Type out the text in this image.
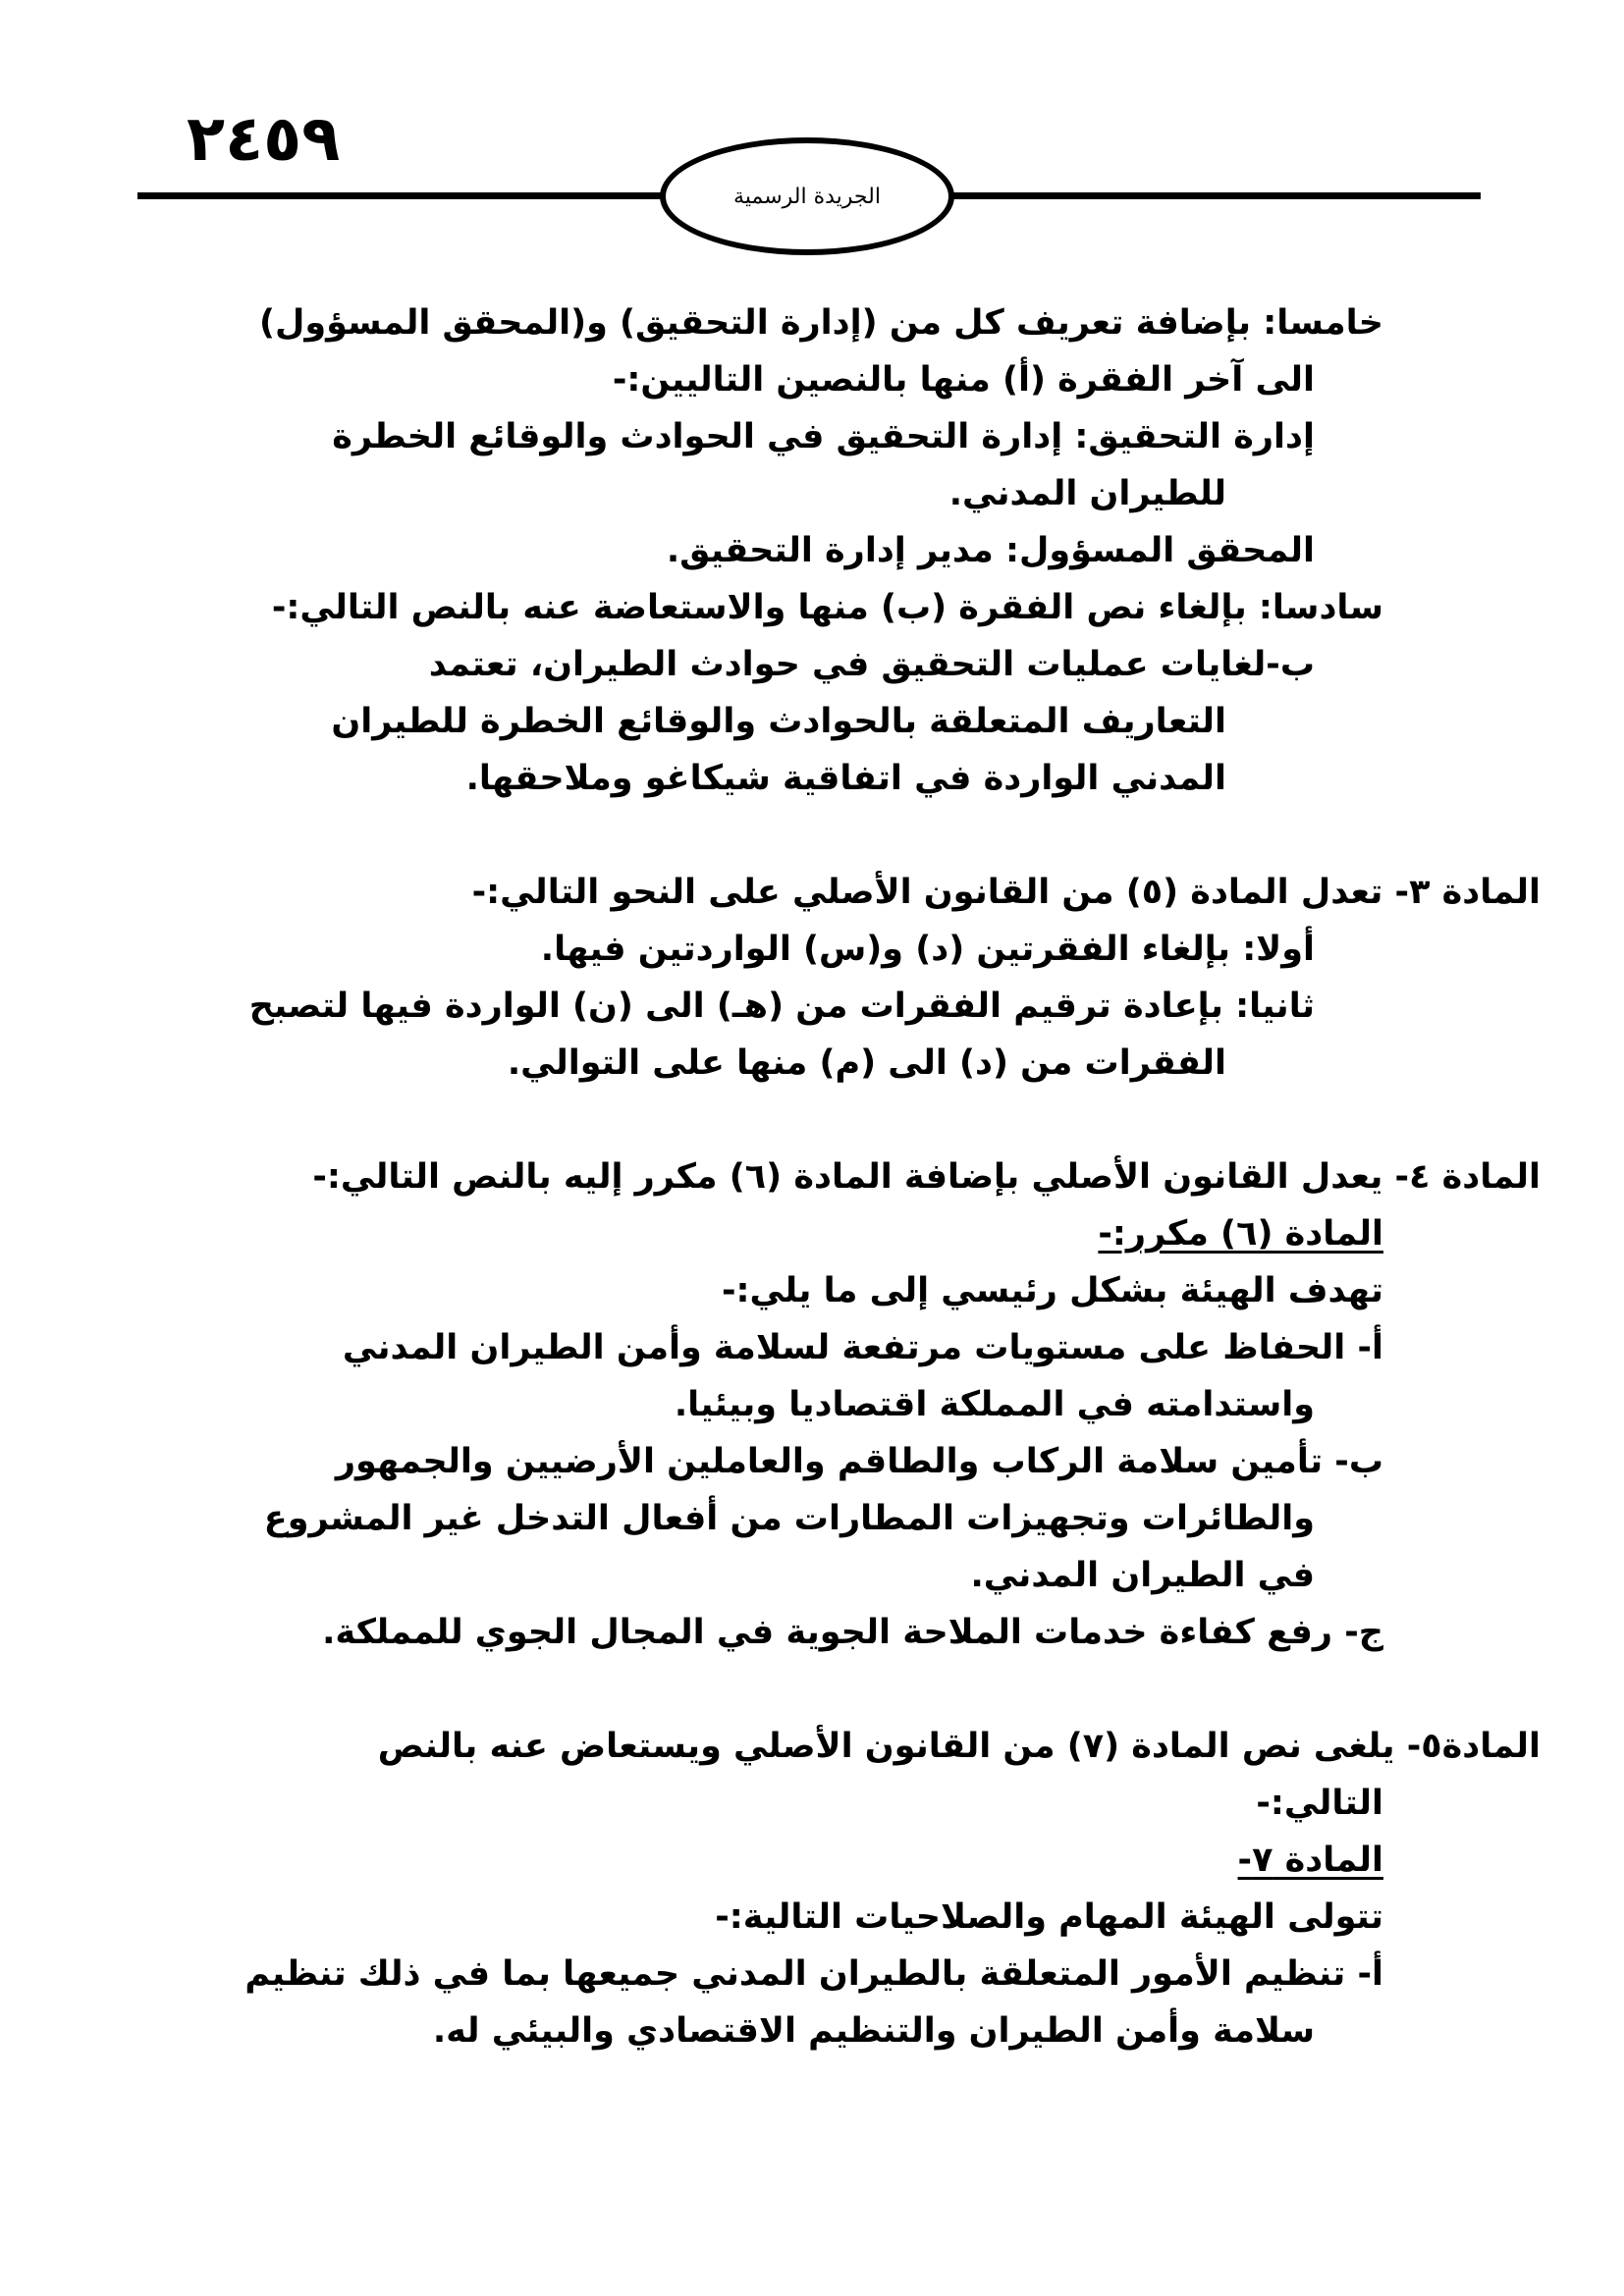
٢٤٥٩
الجريدة الرسمية
خامسا: بإضافة تعريف كل من (إدارة التحقيق) و(المحقق المسؤول)
الى آخر الفقرة (أ) منها بالنصين التاليين:-
إدارة التحقيق: إدارة التحقيق في الحوادث والوقائع الخطرة
للطيران المدني.
المحقق المسؤول: مدير إدارة التحقيق.
سادسا: بإلغاء نص الفقرة (ب) منها والاستعاضة عنه بالنص التالي:-
ب-لغايات عمليات التحقيق في حوادث الطيران، تعتمد
التعاريف المتعلقة بالحوادث والوقائع الخطرة للطيران
المدني الواردة في اتفاقية شيكاغو وملاحقها.
المادة ٣- تعدل المادة (٥) من القانون الأصلي على النحو التالي:-
أولا: بإلغاء الفقرتين (د) و(س) الواردتين فيها.
ثانيا: بإعادة ترقيم الفقرات من (هـ) الى (ن) الواردة فيها لتصبح
الفقرات من (د) الى (م) منها على التوالي.
المادة ٤- يعدل القانون الأصلي بإضافة المادة (٦) مكرر إليه بالنص التالي:-
المادة (٦) مكرر:-
تهدف الهيئة بشكل رئيسي إلى ما يلي:-
أ- الحفاظ على مستويات مرتفعة لسلامة وأمن الطيران المدني
واستدامته في المملكة اقتصاديا وبيئيا.
ب- تأمين سلامة الركاب والطاقم والعاملين الأرضيين والجمهور
والطائرات وتجهيزات المطارات من أفعال التدخل غير المشروع
في الطيران المدني.
ج- رفع كفاءة خدمات الملاحة الجوية في المجال الجوي للمملكة.
المادة٥- يلغى نص المادة (٧) من القانون الأصلي ويستعاض عنه بالنص
التالي:-
المادة ٧-
تتولى الهيئة المهام والصلاحيات التالية:-
أ- تنظيم الأمور المتعلقة بالطيران المدني جميعها بما في ذلك تنظيم
سلامة وأمن الطيران والتنظيم الاقتصادي والبيئي له.
